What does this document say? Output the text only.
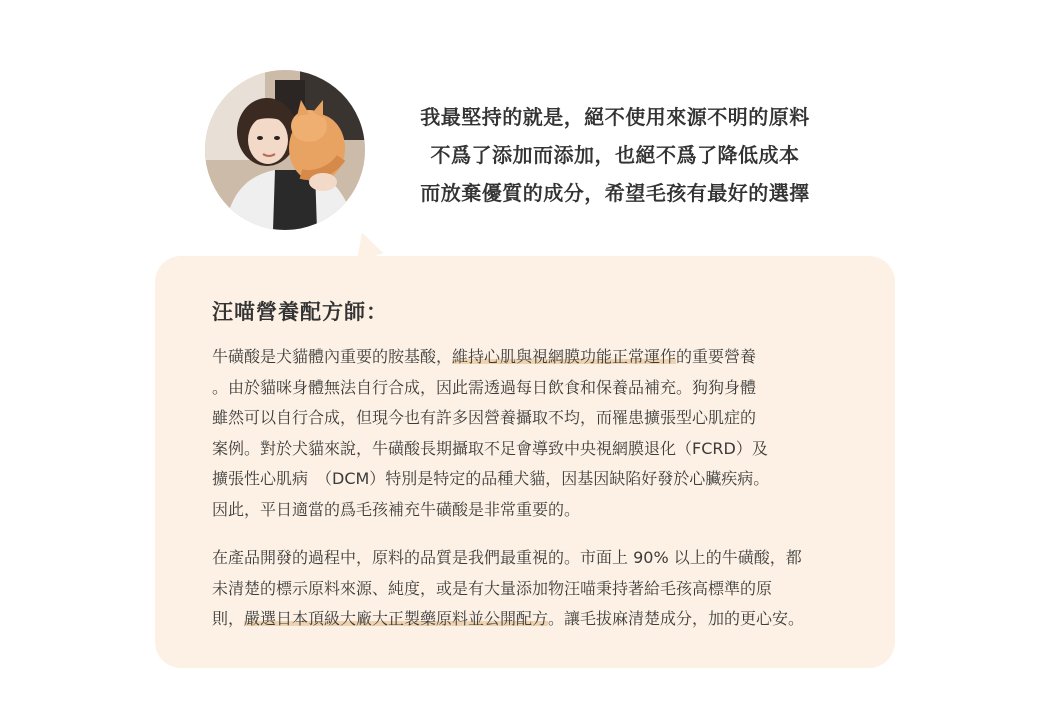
我最堅持的就是，絕不使用來源不明的原料
不爲了添加而添加，也絕不爲了降低成本
而放棄優質的成分，希望毛孩有最好的選擇
汪喵營養配方師：
牛磺酸是犬貓體內重要的胺基酸，維持心肌與視網膜功能正常運作的重要營養
。由於貓咪身體無法自行合成，因此需透過每日飲食和保養品補充。狗狗身體
雖然可以自行合成，但現今也有許多因營養攝取不均，而罹患擴張型心肌症的
案例。對於犬貓來說，牛磺酸長期攝取不足會導致中央視網膜退化（FCRD）及
擴張性心肌病　（DCM）特別是特定的品種犬貓，因基因缺陷好發於心臟疾病。
因此，平日適當的爲毛孩補充牛磺酸是非常重要的。
在產品開發的過程中，原料的品質是我們最重視的。市面上 90% 以上的牛磺酸，都
未清楚的標示原料來源、純度，或是有大量添加物汪喵秉持著給毛孩高標準的原
則，嚴選日本頂級大廠大正製藥原料並公開配方。讓毛拔麻清楚成分，加的更心安。
